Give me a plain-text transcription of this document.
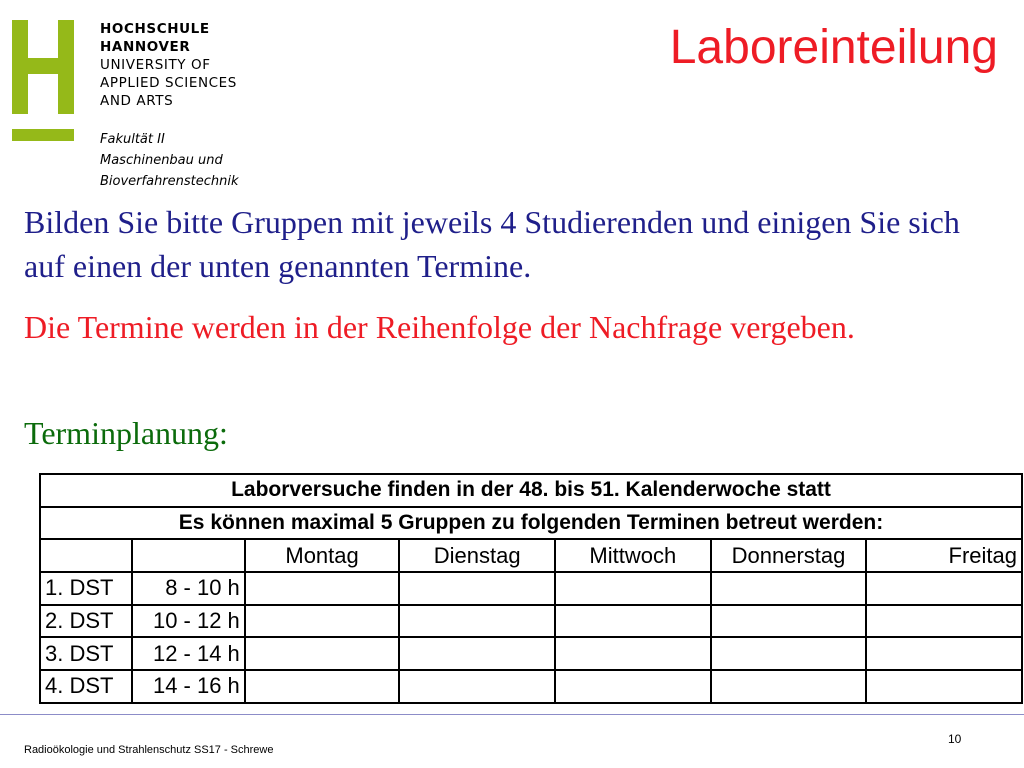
HOCHSCHULE
HANNOVER
UNIVERSITY OF
APPLIED SCIENCES
AND ARTS
Fakultät II
Maschinenbau und
Bioverfahrenstechnik
Laboreinteilung
Bilden Sie bitte Gruppen mit jeweils 4 Studierenden und einigen Sie sich auf einen der unten genannten Termine.
Die Termine werden in der Reihenfolge der Nachfrage vergeben.
Terminplanung:
Laborversuche finden in der 48. bis 51. Kalenderwoche statt						
Es können maximal 5 Gruppen zu folgenden Terminen betreut werden:						
		Montag	Dienstag	Mittwoch	Donnerstag	Freitag
1. DST	8 - 10 h					
2. DST	10 - 12 h					
3. DST	12 - 14 h					
4. DST	14 - 16 h					
Radioökologie und Strahlenschutz SS17 - Schrewe
10
